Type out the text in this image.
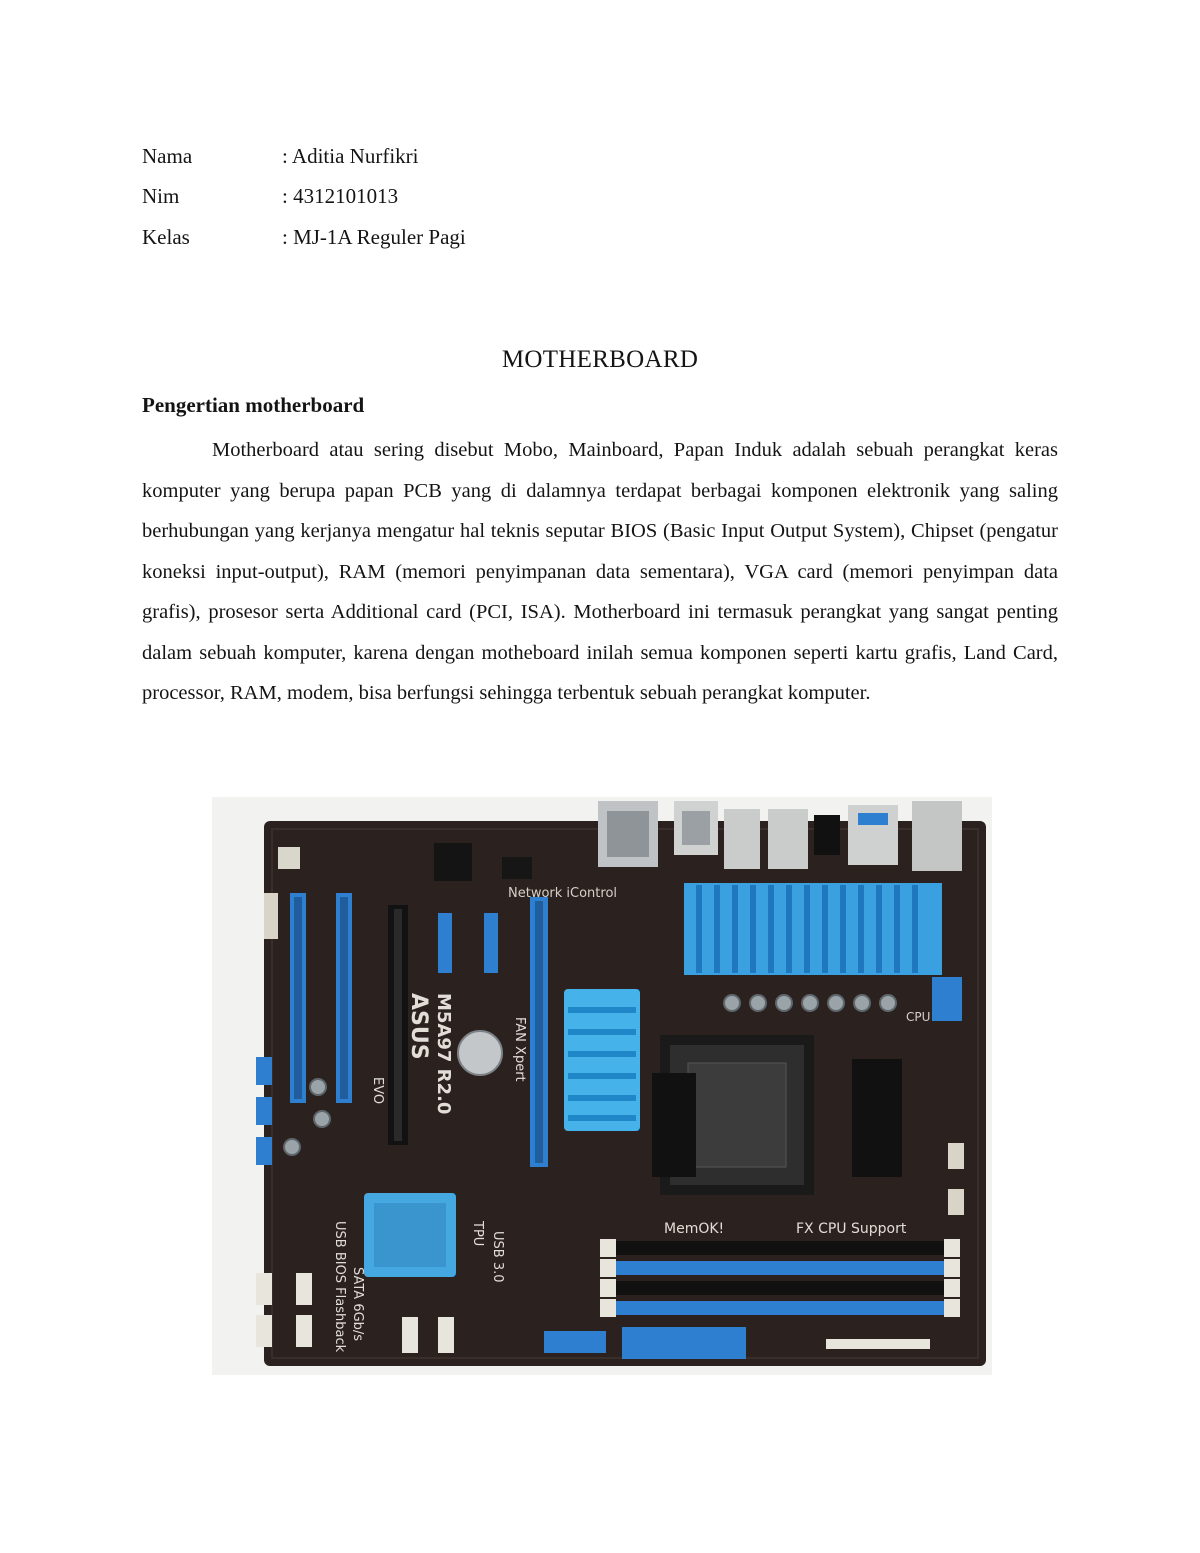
Nama	: Aditia Nurfikri
Nim	: 4312101013
Kelas	: MJ-1A Reguler Pagi
MOTHERBOARD
Pengertian motherboard

Motherboard atau sering disebut Mobo, Mainboard, Papan Induk adalah sebuah perangkat keras komputer yang berupa papan PCB yang di dalamnya terdapat berbagai komponen elektronik yang saling berhubungan yang kerjanya mengatur hal teknis seputar BIOS (Basic Input Output System), Chipset (pengatur koneksi input-output), RAM (memori penyimpanan data sementara), VGA card (memori penyimpan data grafis), prosesor serta Additional card (PCI, ISA). Motherboard ini termasuk perangkat yang sangat penting dalam sebuah komputer, karena dengan motheboard inilah semua komponen seperti kartu grafis, Land Card, processor, RAM, modem, bisa berfungsi sehingga terbentuk sebuah perangkat komputer.

Network iControl
CPU
ASUS M5A97 R2.0
EVO
FAN Xpert
MemOK!	FX CPU Support
USB BIOS Flashback SATA 6Gb/s
TPU USB 3.0
